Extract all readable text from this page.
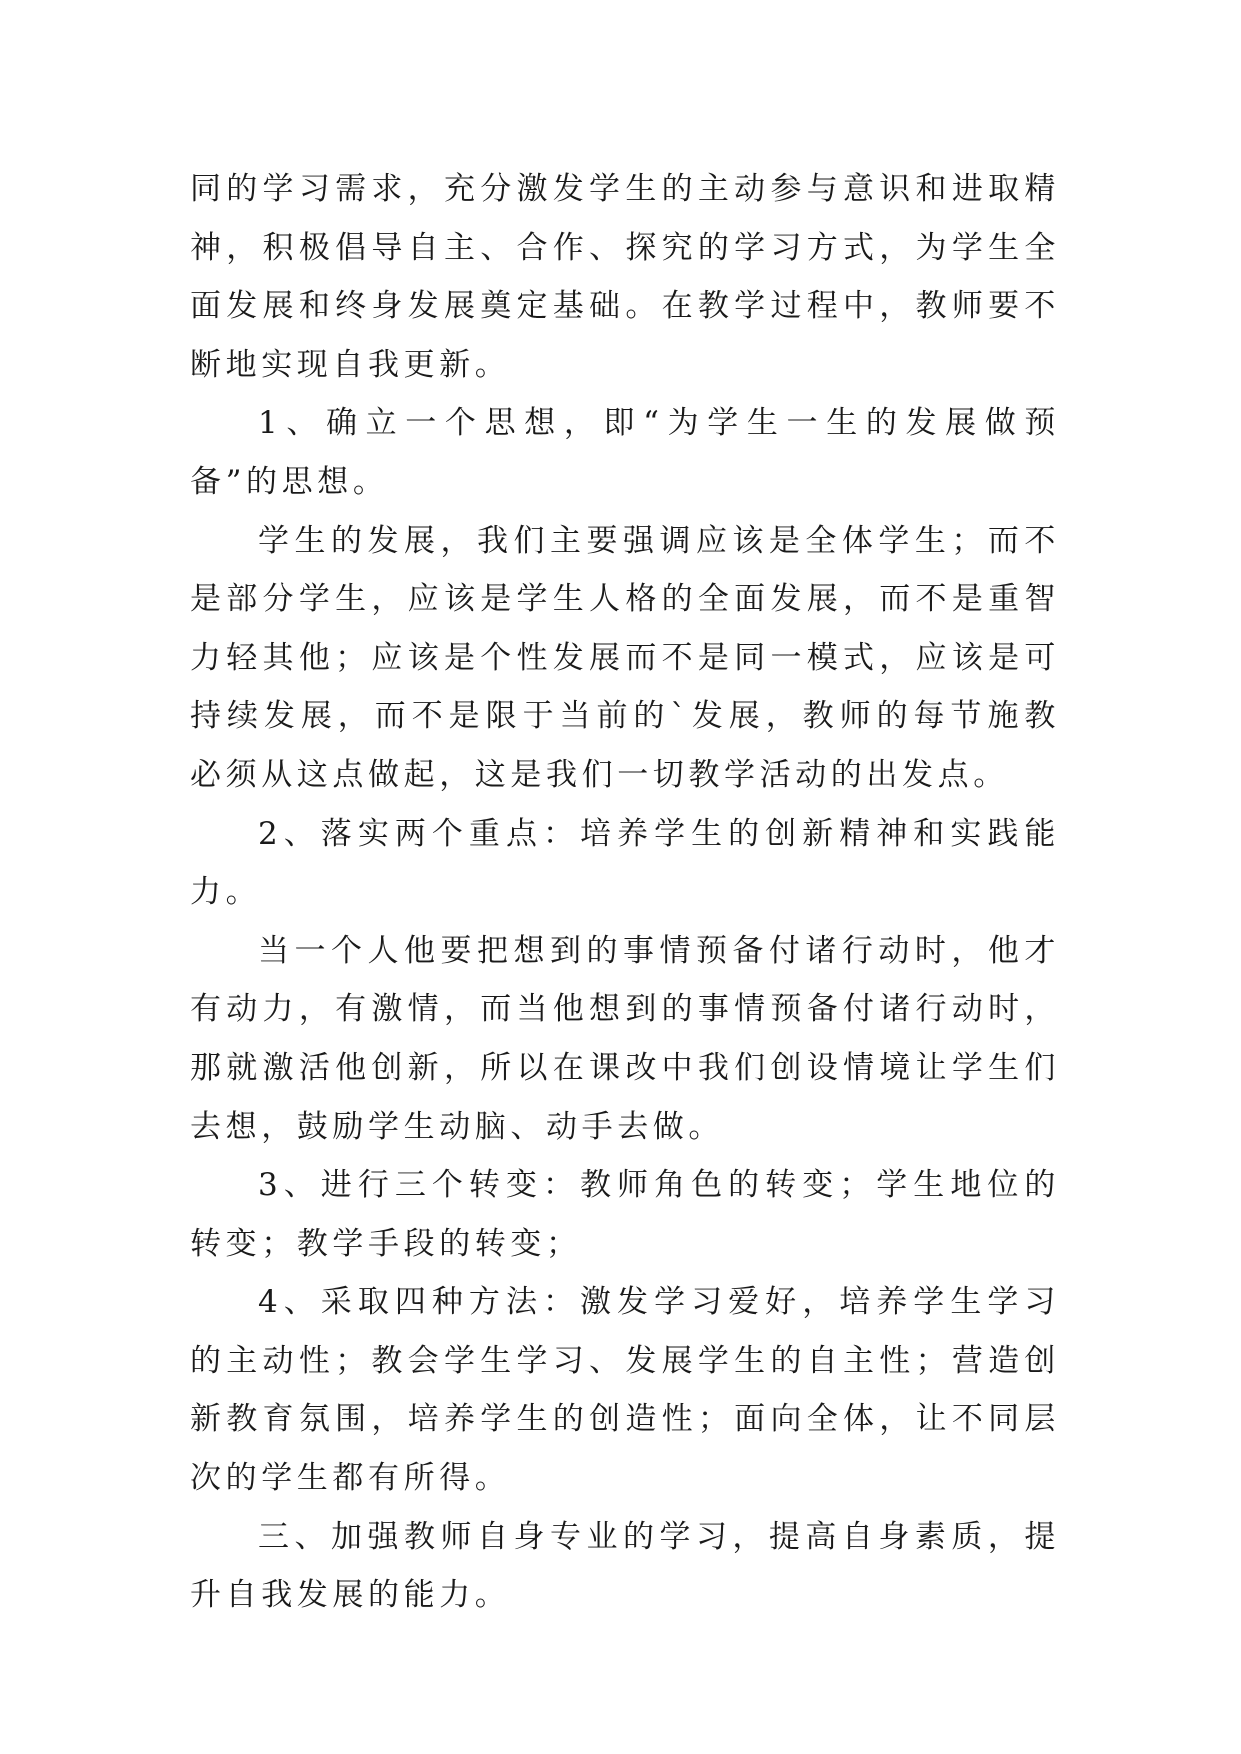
同的学习需求，充分激发学生的主动参与意识和进取精神，积极倡导自主、合作、探究的学习方式，为学生全面发展和终身发展奠定基础。在教学过程中，教师要不断地实现自我更新。

1、确立一个思想，即“为学生一生的发展做预备”的思想。

学生的发展，我们主要强调应该是全体学生；而不是部分学生，应该是学生人格的全面发展，而不是重智力轻其他；应该是个性发展而不是同一模式，应该是可持续发展，而不是限于当前的`发展，教师的每节施教必须从这点做起，这是我们一切教学活动的出发点。

2、落实两个重点：培养学生的创新精神和实践能力。

当一个人他要把想到的事情预备付诸行动时，他才有动力，有激情，而当他想到的事情预备付诸行动时，那就激活他创新，所以在课改中我们创设情境让学生们去想，鼓励学生动脑、动手去做。

3、进行三个转变：教师角色的转变；学生地位的转变；教学手段的转变；

4、采取四种方法：激发学习爱好，培养学生学习的主动性；教会学生学习、发展学生的自主性；营造创新教育氛围，培养学生的创造性；面向全体，让不同层次的学生都有所得。

三、加强教师自身专业的学习，提高自身素质，提升自我发展的能力。
